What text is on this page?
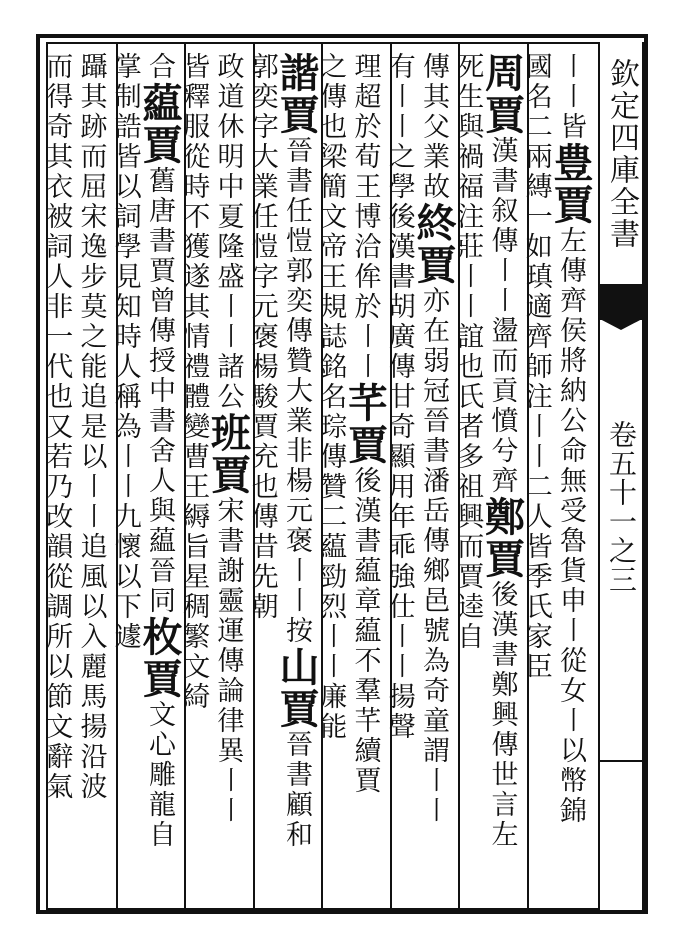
欽定四庫全書
卷五十一之三
〡〡皆豊賈左傳齊侯將納公命無受魯貨申〡從女〡以幣錦
國名二兩縳一如瑱適齊師注〡〡二人皆季氏家臣
周賈漢書叙傳〡〡盪而貢憤兮齊鄭賈後漢書鄭興傳世言左
死生與禍福注莊〡〡誼也氏者多祖興而賈逵自
傳其父業故終賈亦在弱冠晉書潘岳傳鄉邑號為奇童謂〡〡
有〡〡之學後漢書胡廣傳甘奇顯用年乖強仕〡〡揚聲
理超於荀王博洽侔於〡〡芊賈後漢書藴章藴不羣芊續賈
之傳也梁簡文帝王規誌銘名琮傳贊二藴勁烈〡〡廉能
諧賈晉書任愷郭奕傳贊大業非楊元褒〡〡按山賈晉書顧和
郭奕字大業任愷字元褒楊駿賈充也傳昔先朝
政道休明中夏隆盛〡〡諸公班賈宋書謝靈運傳論律異〡〡
皆釋服從時不獲遂其情禮體變曹王縟旨星稠繁文綺
合藴賈舊唐書賈曾傳授中書舍人與藴晉同枚賈文心雕龍自
掌制誥皆以詞學見知時人稱為〡〡九懷以下遽
躡其跡而屈宋逸步莫之能追是以〡〡追風以入麗馬揚沿波
而得奇其衣被詞人非一代也又若乃改韻從調所以節文辭氣
